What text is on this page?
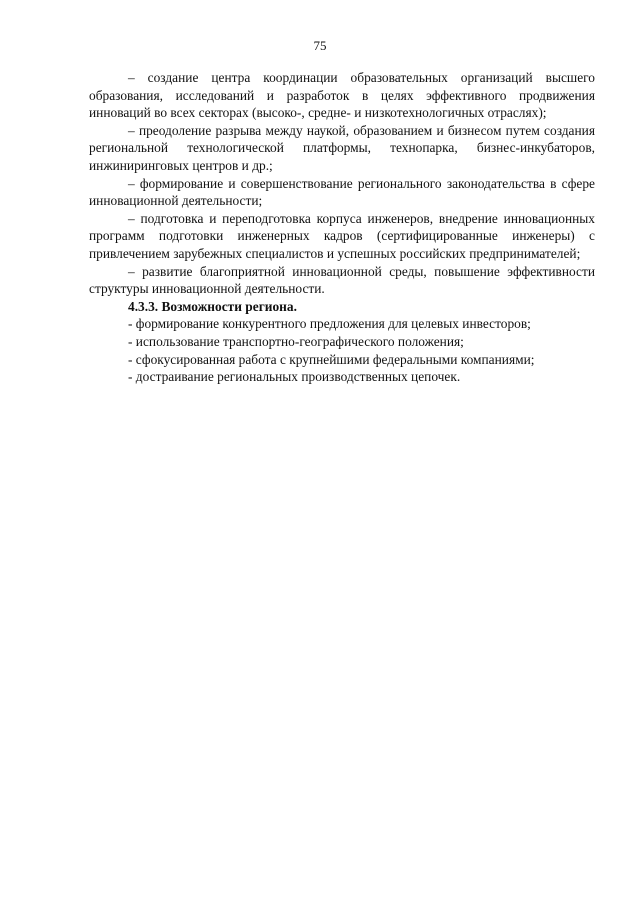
75

– создание центра координации образовательных организаций высшего образования, исследований и разработок в целях эффективного продвижения инноваций во всех секторах (высоко-, средне- и низкотехнологичных отраслях);

– преодоление разрыва между наукой, образованием и бизнесом путем создания региональной технологической платформы, технопарка, бизнес-инкубаторов, инжиниринговых центров и др.;

– формирование и совершенствование регионального законодательства в сфере инновационной деятельности;

– подготовка и переподготовка корпуса инженеров, внедрение инновационных программ подготовки инженерных кадров (сертифицированные инженеры) с привлечением зарубежных специалистов и успешных российских предпринимателей;

– развитие благоприятной инновационной среды, повышение эффективности структуры инновационной деятельности.

4.3.3. Возможности региона.

- формирование конкурентного предложения для целевых инвесторов;

- использование транспортно-географического положения;

- сфокусированная работа с крупнейшими федеральными компаниями;

- достраивание региональных производственных цепочек.
